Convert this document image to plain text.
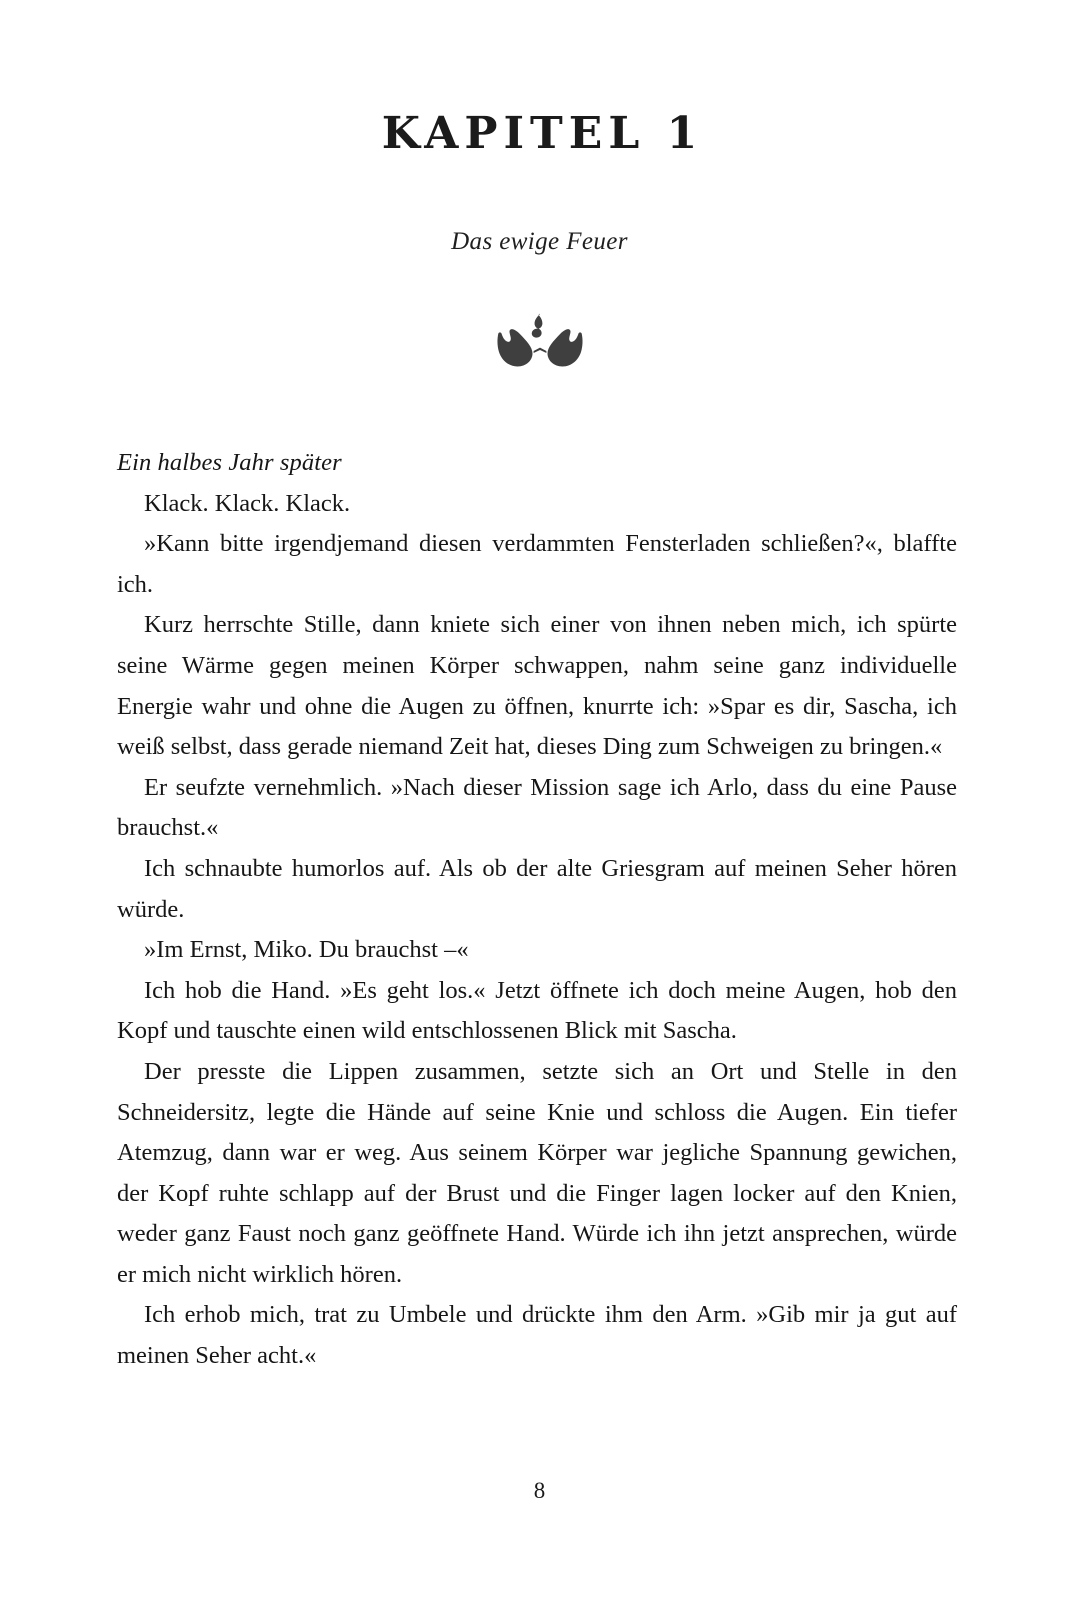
KAPITEL 1
Das ewige Feuer

Ein halbes Jahr später

Klack. Klack. Klack.

»Kann bitte irgendjemand diesen verdammten Fensterladen schließen?«, blaffte ich.

Kurz herrschte Stille, dann kniete sich einer von ihnen neben mich, ich spürte seine Wärme gegen meinen Körper schwappen, nahm seine ganz individuelle Energie wahr und ohne die Augen zu öffnen, knurrte ich: »Spar es dir, Sascha, ich weiß selbst, dass gerade niemand Zeit hat, dieses Ding zum Schweigen zu bringen.«

Er seufzte vernehmlich. »Nach dieser Mission sage ich Arlo, dass du eine Pause brauchst.«

Ich schnaubte humorlos auf. Als ob der alte Griesgram auf meinen Seher hören würde.

»Im Ernst, Miko. Du brauchst –«

Ich hob die Hand. »Es geht los.« Jetzt öffnete ich doch meine Augen, hob den Kopf und tauschte einen wild entschlossenen Blick mit Sascha.

Der presste die Lippen zusammen, setzte sich an Ort und Stelle in den Schneidersitz, legte die Hände auf seine Knie und schloss die Augen. Ein tiefer Atemzug, dann war er weg. Aus seinem Körper war jegliche Spannung gewichen, der Kopf ruhte schlapp auf der Brust und die Finger lagen locker auf den Knien, weder ganz Faust noch ganz geöffnete Hand. Würde ich ihn jetzt ansprechen, würde er mich nicht wirklich hören.

Ich erhob mich, trat zu Umbele und drückte ihm den Arm. »Gib mir ja gut auf meinen Seher acht.«

8
